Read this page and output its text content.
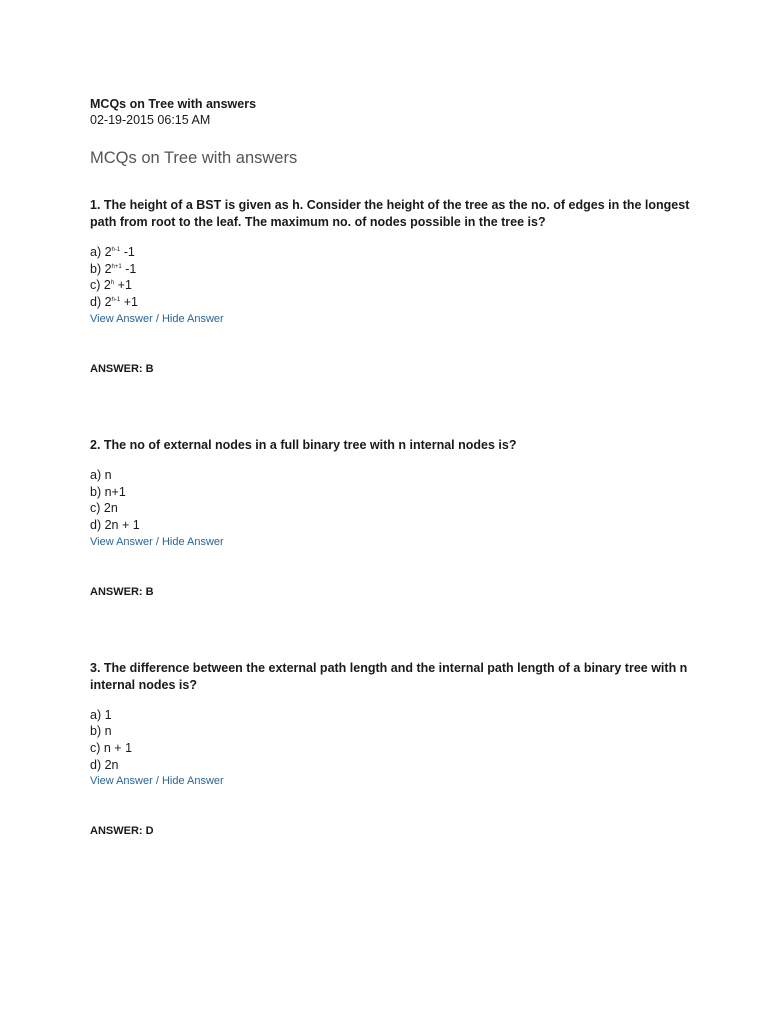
MCQs on Tree with answers
02-19-2015 06:15 AM
MCQs on Tree with answers
1. The height of a BST is given as h. Consider the height of the tree as the no. of edges in the longest path from root to the leaf. The maximum no. of nodes possible in the tree is?
a) 2$^{h-1}$ -1
b) $2^{h+1}$ -1
c) $2^h +1$
d) $2^{h-1} +1$
View Answer / Hide Answer
ANSWER: B
2. The no of external nodes in a full binary tree with n internal nodes is?
a) n
b) n+1
c) 2n
d) 2n + 1
View Answer / Hide Answer
ANSWER: B
3. The difference between the external path length and the internal path length of a binary tree with n internal nodes is?
a) 1
b) n
c) n + 1
d) 2n
View Answer / Hide Answer
ANSWER: D
